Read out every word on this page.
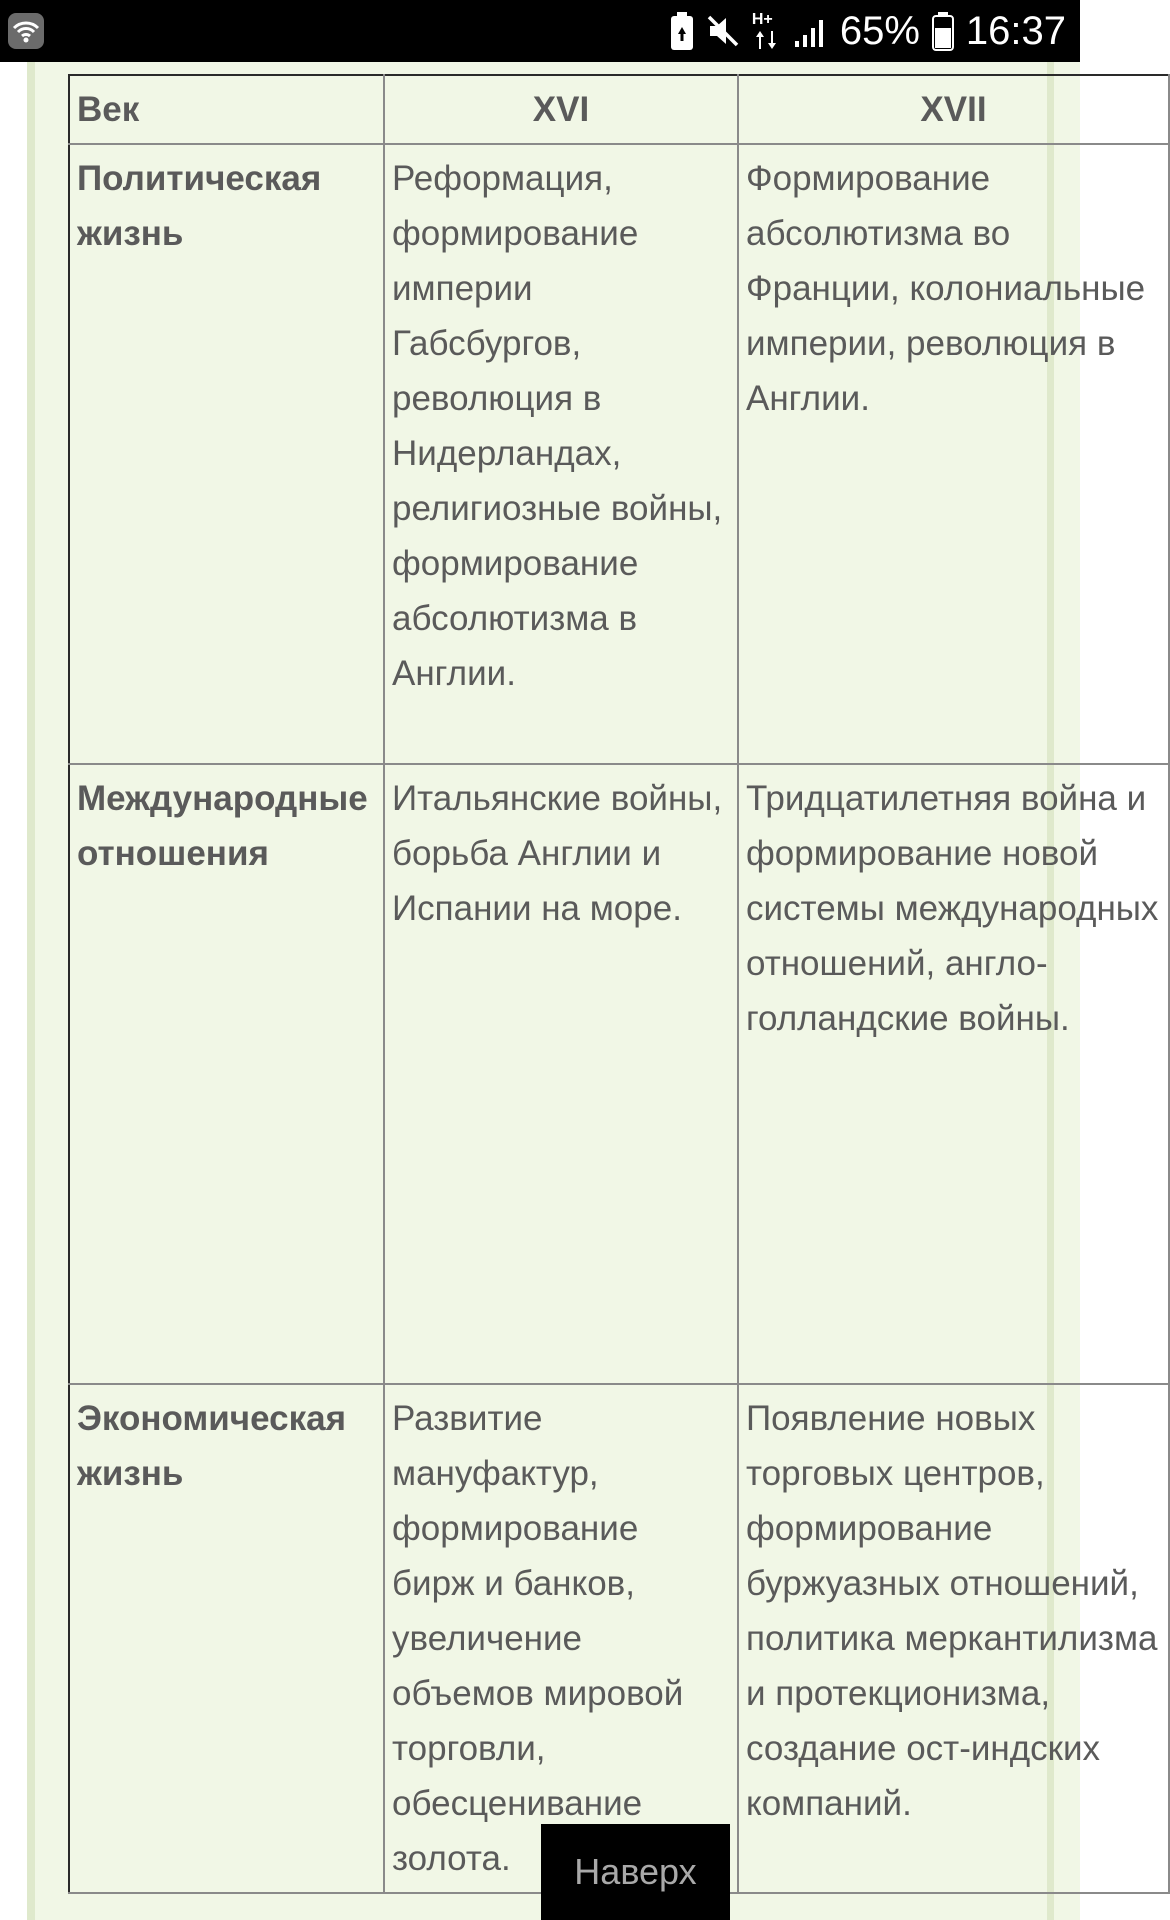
H+ 65% 16:37
Век	XVI	XVII
Политическая жизнь	Реформация, формирование империи Габсбургов, революция в Нидерландах, религиозные войны, формирование абсолютизма в Англии.	Формирование абсолютизма во Франции, колониальные империи, революция в Англии.
Международные отношения	Итальянские войны, борьба Англии и Испании на море.	Тридцатилетняя война и формирование новой системы международных отношений, англо-голландские войны.
Экономическая жизнь	Развитие мануфактур, формирование бирж и банков, увеличение объемов мировой торговли, обесценивание золота.	Появление новых торговых центров, формирование буржуазных отношений, политика меркантилизма и протекционизма, создание ост-индских компаний.
Наверх
